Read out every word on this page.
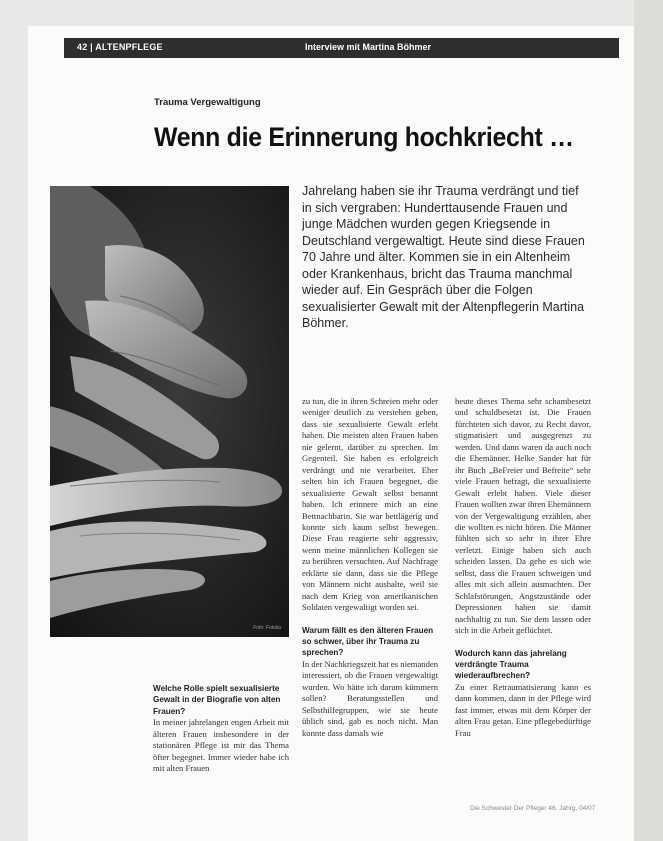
42 | ALTENPFLEGE	Interview mit Martina Böhmer
Trauma Vergewaltigung
Wenn die Erinnerung hochkriecht …
Jahrelang haben sie ihr Trauma verdrängt und tief in sich vergraben: Hunderttausende Frauen und junge Mädchen wurden gegen Kriegsende in Deutschland vergewaltigt. Heute sind diese Frauen 70 Jahre und älter. Kommen sie in ein Altenheim oder Krankenhaus, bricht das Trauma manchmal wieder auf. Ein Gespräch über die Folgen sexualisierter Gewalt mit der Altenpflegerin Martina Böhmer.
Foto: Fotolia

Welche Rolle spielt sexualisierte Gewalt in der Biografie von alten Frauen?

In meiner jahrelangen engen Arbeit mit älteren Frauen insbesondere in der stationären Pflege ist mir das Thema öfter begegnet. Immer wieder habe ich mit alten Frauen

zu tun, die in ihren Schreien mehr oder weniger deutlich zu verstehen geben, dass sie sexualisierte Gewalt erlebt haben. Die meisten alten Frauen haben nie gelernt, darüber zu sprechen. Im Gegenteil. Sie haben es erfolgreich verdrängt und nie verarbeitet. Eher selten bin ich Frauen begegnet, die sexualisierte Gewalt selbst benannt haben. Ich erinnere mich an eine Bettnachbarin. Sie war bettlägerig und konnte sich kaum selbst bewegen. Diese Frau reagierte sehr aggressiv, wenn meine männlichen Kollegen sie zu berühren versuchten. Auf Nachfrage erklärte sie dann, dass sie die Pflege von Männern nicht aushalte, weil sie nach dem Krieg von amerikanischen Soldaten vergewaltigt worden sei.

Warum fällt es den älteren Frauen so schwer, über ihr Trauma zu sprechen?

In der Nachkriegszeit hat es niemanden interessiert, ob die Frauen vergewaltigt wurden. Wo hätte ich darum kümmern sollen? Beratungsstellen und Selbsthilfegruppen, wie sie heute üblich sind, gab es noch nicht. Man konnte dass damals wie

heute dieses Thema sehr schambesetzt und schuldbesetzt ist. Die Frauen fürchteten sich davor, zu Recht davor, stigmatisiert und ausgegrenzt zu werden. Und dann waren da auch noch die Ehemänner. Helke Sander hat für ihr Buch „BeFreier und Befreite“ sehr viele Frauen befragt, die sexualisierte Gewalt erlebt haben. Viele dieser Frauen wollten zwar ihren Ehemännern von der Vergewaltigung erzählen, aber die wollten es nicht hören. Die Männer fühlten sich so sehr in ihrer Ehre verletzt. Einige haben sich auch scheiden lassen. Da gehe es sich wie selbst, dass die Frauen schweigen und alles mit sich allein ausmachten. Der Schlafstörungen, Angstzustände oder Depressionen haben sie damit nachhaltig zu tun. Sie dem lassen oder sich in die Arbeit geflüchtet.

Wodurch kann das jahrelang verdrängte Trauma wiederaufbrechen?

Zu einer Retraumatisierung kann es dann kommen, dann in der Pflege wird fast immer, etwas mit dem Körper der alten Frau getan. Eine pflegebedürftige Frau

Die Schwester Der Pfleger 46. Jahrg. 04/07
